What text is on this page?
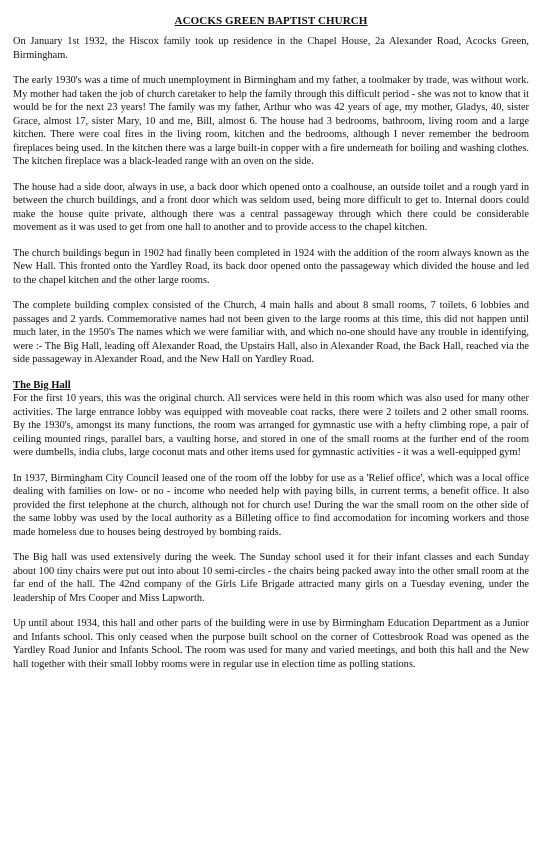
ACOCKS GREEN BAPTIST CHURCH

On January 1st 1932, the Hiscox family took up residence in the Chapel House, 2a Alexander Road, Acocks Green, Birmingham.

The early 1930's was a time of much unemployment in Birmingham and my father, a toolmaker by trade, was without work. My mother had taken the job of church caretaker to help the family through this difficult period - she was not to know that it would be for the next 23 years! The family was my father, Arthur who was 42 years of age, my mother, Gladys, 40, sister Grace, almost 17, sister Mary, 10 and me, Bill, almost 6. The house had 3 bedrooms, bathroom, living room and a large kitchen. There were coal fires in the living room, kitchen and the bedrooms, although I never remember the bedroom fireplaces being used. In the kitchen there was a large built-in copper with a fire underneath for boiling and washing clothes. The kitchen fireplace was a black-leaded range with an oven on the side.

The house had a side door, always in use, a back door which opened onto a coalhouse, an outside toilet and a rough yard in between the church buildings, and a front door which was seldom used, being more difficult to get to. Internal doors could make the house quite private, although there was a central passageway through which there could be considerable movement as it was used to get from one hall to another and to provide access to the chapel kitchen.

The church buildings begun in 1902 had finally been completed in 1924 with the addition of the room always known as the New Hall. This fronted onto the Yardley Road, its back door opened onto the passageway which divided the house and led to the chapel kitchen and the other large rooms.

The complete building complex consisted of the Church, 4 main halls and about 8 small rooms, 7 toilets, 6 lobbies and passages and 2 yards. Commemorative names had not been given to the large rooms at this time, this did not happen until much later, in the 1950's The names which we were familiar with, and which no-one should have any trouble in identifying, were :- The Big Hall, leading off Alexander Road, the Upstairs Hall, also in Alexander Road, the Back Hall, reached via the side passageway in Alexander Road, and the New Hall on Yardley Road.

The Big Hall

For the first 10 years, this was the original church. All services were held in this room which was also used for many other activities. The large entrance lobby was equipped with moveable coat racks, there were 2 toilets and 2 other small rooms. By the 1930's, amongst its many functions, the room was arranged for gymnastic use with a hefty climbing rope, a pair of ceiling mounted rings, parallel bars, a vaulting horse, and stored in one of the small rooms at the further end of the room were dumbells, india clubs, large coconut mats and other items used for gymnastic activities - it was a well-equipped gym!

In 1937, Birmingham City Council leased one of the room off the lobby for use as a 'Relief office', which was a local office dealing with families on low- or no - income who needed help with paying bills, in current terms, a benefit office. It also provided the first telephone at the church, although not for church use! During the war the small room on the other side of the same lobby was used by the local authority as a Billeting office to find accomodation for incoming workers and those made homeless due to houses being destroyed by bombing raids.

The Big hall was used extensively during the week. The Sunday school used it for their infant classes and each Sunday about 100 tiny chairs were put out into about 10 semi-circles - the chairs being packed away into the other small room at the far end of the hall. The 42nd company of the Girls Life Brigade attracted many girls on a Tuesday evening, under the leadership of Mrs Cooper and Miss Lapworth.

Up until about 1934, this hall and other parts of the building were in use by Birmingham Education Department as a Junior and Infants school. This only ceased when the purpose built school on the corner of Cottesbrook Road was opened as the Yardley Road Junior and Infants School. The room was used for many and varied meetings, and both this hall and the New hall together with their small lobby rooms were in regular use in election time as polling stations.
